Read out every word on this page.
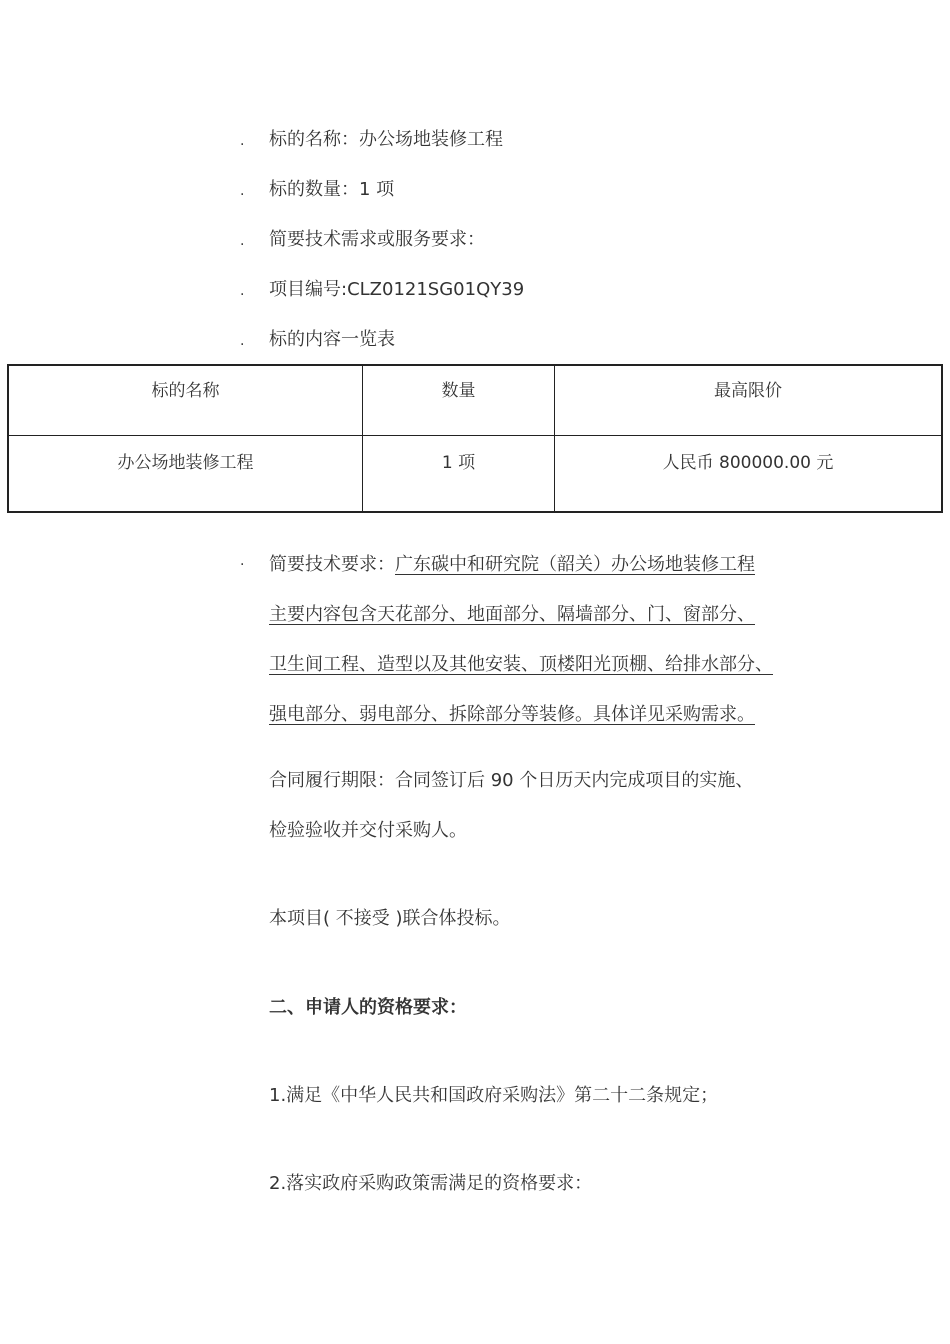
. 标的名称：办公场地装修工程
. 标的数量：1 项
. 简要技术需求或服务要求：
. 项目编号:CLZ0121SG01QY39
. 标的内容一览表
标的名称	数量	最高限价
办公场地装修工程	1 项	人民币 800000.00 元
. 简要技术要求：广东碳中和研究院（韶关）办公场地装修工程
主要内容包含天花部分、地面部分、隔墙部分、门、窗部分、
卫生间工程、造型以及其他安装、顶楼阳光顶棚、给排水部分、
强电部分、弱电部分、拆除部分等装修。具体详见采购需求。
合同履行期限：合同签订后 90 个日历天内完成项目的实施、
检验验收并交付采购人。
本项目( 不接受 )联合体投标。
二、申请人的资格要求：
1.满足《中华人民共和国政府采购法》第二十二条规定；
2.落实政府采购政策需满足的资格要求：
